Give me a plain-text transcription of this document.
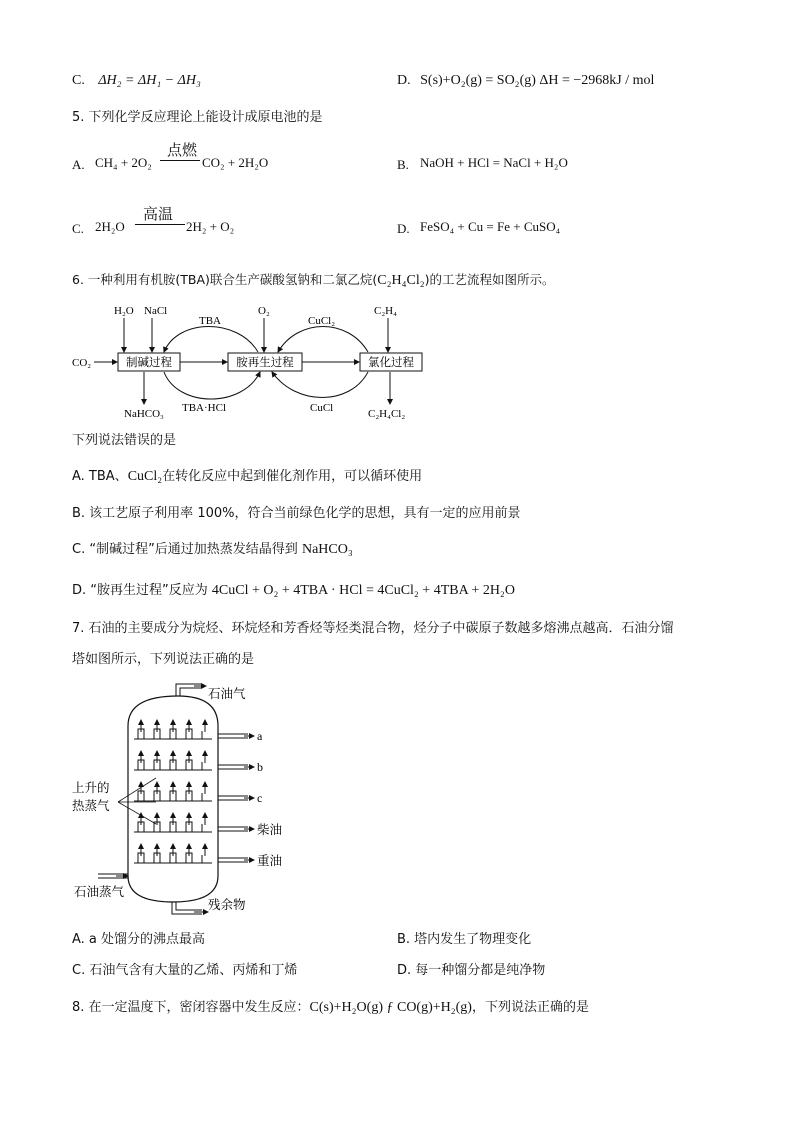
C. ΔH₂ = ΔH₁ − ΔH₃	D. S(s)+O₂(g) = SO₂(g) ΔH = −2968kJ / mol
5. 下列化学反应理论上能设计成原电池的是
A. CH₄ + 2O₂
点燃
CO₂ + 2H₂O	B. NaOH + HCl = NaCl + H₂O
C. 2H₂O
高温
2H₂ + O₂	D. FeSO₄ + Cu = Fe + CuSO₄
6. 一种利用有机胺(TBA)联合生产碳酸氢钠和二氯乙烷(C₂H₄Cl₂)的工艺流程如图所示。
制碱过程	胺再生过程	氯化过程
CO₂
H₂O NaCl	O₂	C₂H₄
TBA	CuCl₂
TBA·HCl	CuCl
NaHCO₃	C₂H₄Cl₂
下列说法错误的是
A. TBA、CuCl₂在转化反应中起到催化剂作用，可以循环使用
B. 该工艺原子利用率 100%，符合当前绿色化学的思想，具有一定的应用前景
C. “制碱过程”后通过加热蒸发结晶得到 NaHCO₃
D. “胺再生过程”反应为 4CuCl + O₂ + 4TBA · HCl = 4CuCl₂ + 4TBA + 2H₂O
7. 石油的主要成分为烷烃、环烷烃和芳香烃等烃类混合物，烃分子中碳原子数越多熔沸点越高．石油分馏
塔如图所示，下列说法正确的是
石油气
a
b
c
柴油
重油
上升的
热蒸气
石油蒸气
残余物
A. a 处馏分的沸点最高	B. 塔内发生了物理变化
C. 石油气含有大量的乙烯、丙烯和丁烯	D. 每一种馏分都是纯净物
8. 在一定温度下，密闭容器中发生反应：C(s)+H₂O(g) ƒ CO(g)+H₂(g)，下列说法正确的是
